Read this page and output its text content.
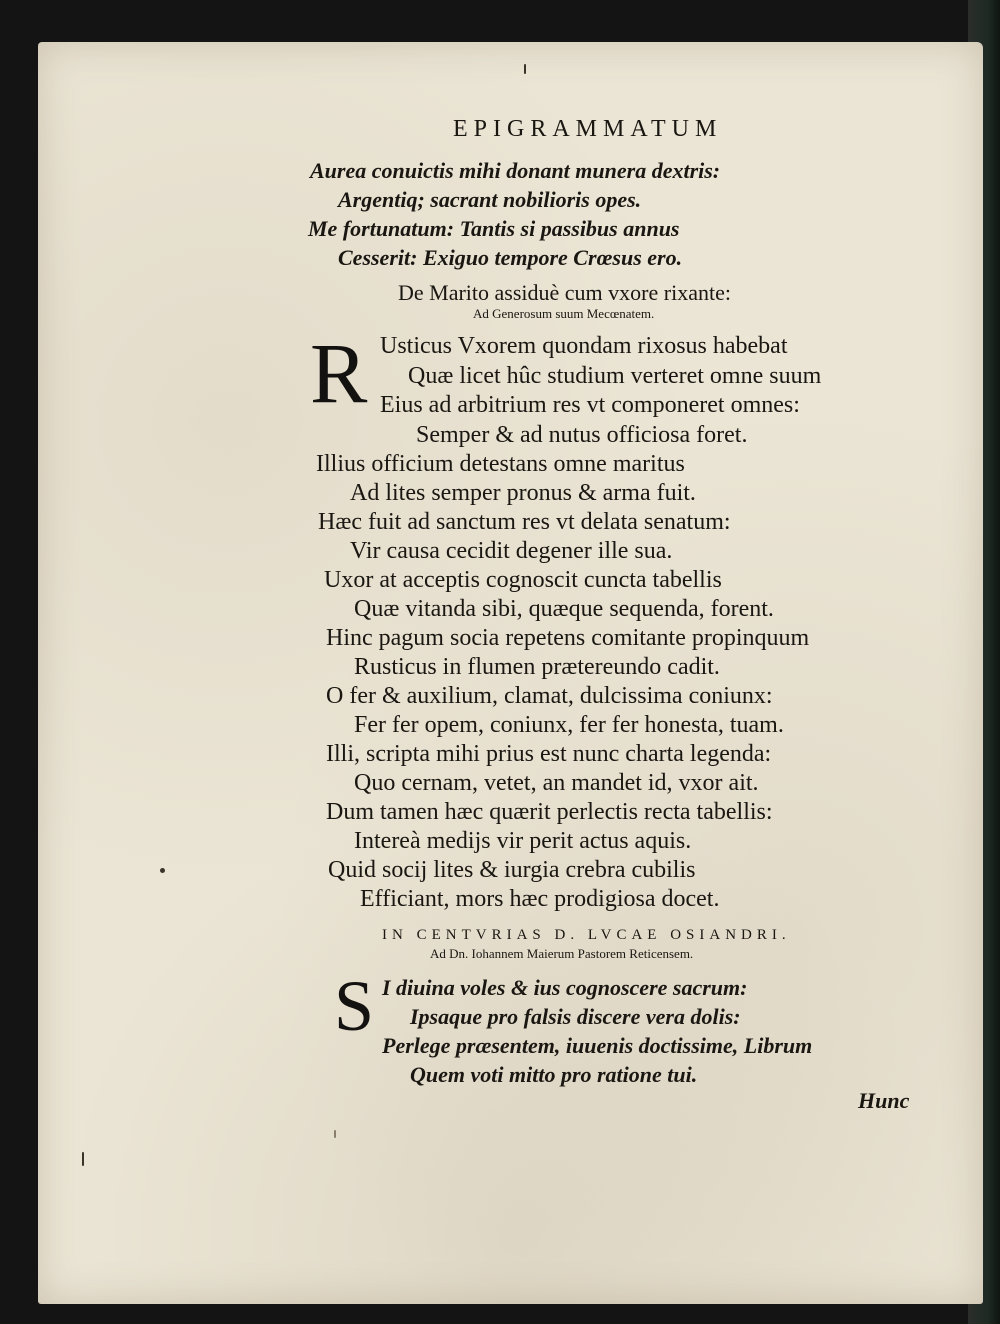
EPIGRAMMATUM
Aurea conuictis mihi donant munera dextris:
Argentiq; sacrant nobilioris opes.
Me fortunatum: Tantis si passibus annus
Cesserit: Exiguo tempore Crœsus ero.
De Marito assiduè cum vxore rixante:
Ad Generosum suum Mecœnatem.
R Usticus Vxorem quondam rixosus habebat
Quæ licet hûc studium verteret omne suum
Eius ad arbitrium res vt componeret omnes:
Semper & ad nutus officiosa foret.
Illius officium detestans omne maritus
Ad lites semper pronus & arma fuit.
Hæc fuit ad sanctum res vt delata senatum:
Vir causa cecidit degener ille sua.
Uxor at acceptis cognoscit cuncta tabellis
Quæ vitanda sibi, quæque sequenda, forent.
Hinc pagum socia repetens comitante propinquum
Rusticus in flumen prætereundo cadit.
O fer & auxilium, clamat, dulcissima coniunx:
Fer fer opem, coniunx, fer fer honesta, tuam.
Illi, scripta mihi prius est nunc charta legenda:
Quo cernam, vetet, an mandet id, vxor ait.
Dum tamen hæc quærit perlectis recta tabellis:
Intereà medijs vir perit actus aquis.
Quid socij lites & iurgia crebra cubilis
Efficiant, mors hæc prodigiosa docet.
IN CENTVRIAS D. LVCAE OSIANDRI.
Ad Dn. Iohannem Maierum Pastorem Reticensem.
S I diuina voles & ius cognoscere sacrum:
Ipsaque pro falsis discere vera dolis:
Perlege præsentem, iuuenis doctissime, Librum
Quem voti mitto pro ratione tui.
Hunc
